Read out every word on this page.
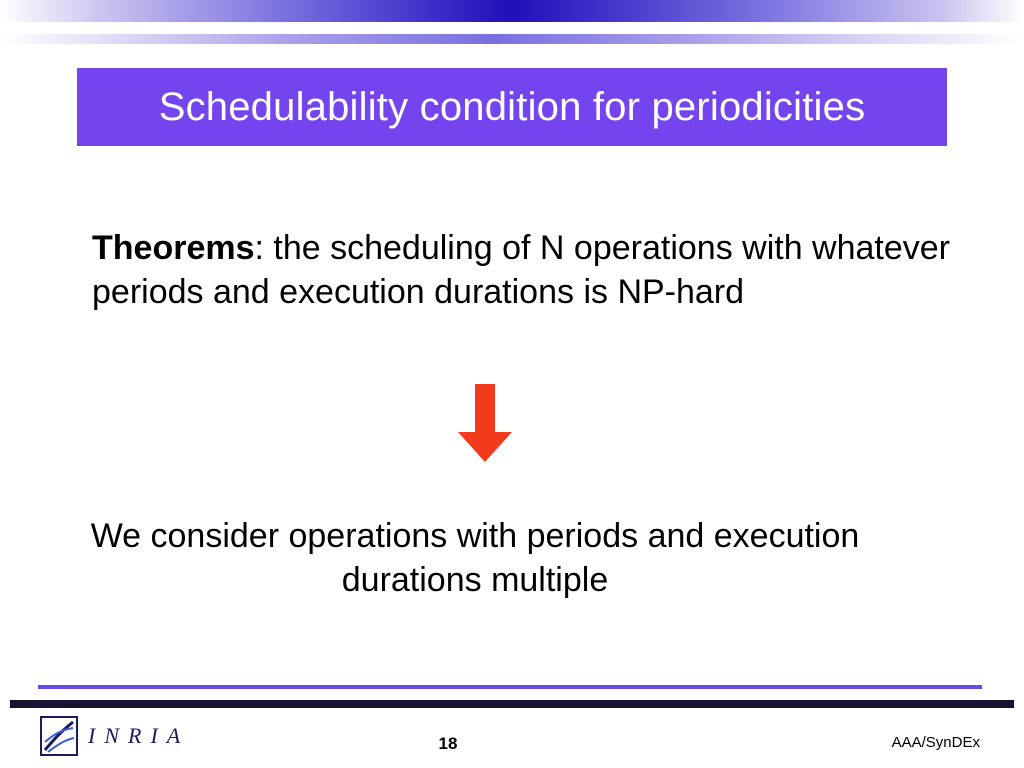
Schedulability condition for periodicities
Theorems: the scheduling of N operations with whatever periods and execution durations is NP-hard
We consider operations with periods and execution durations multiple
INRIA	18	AAA/SynDEx
